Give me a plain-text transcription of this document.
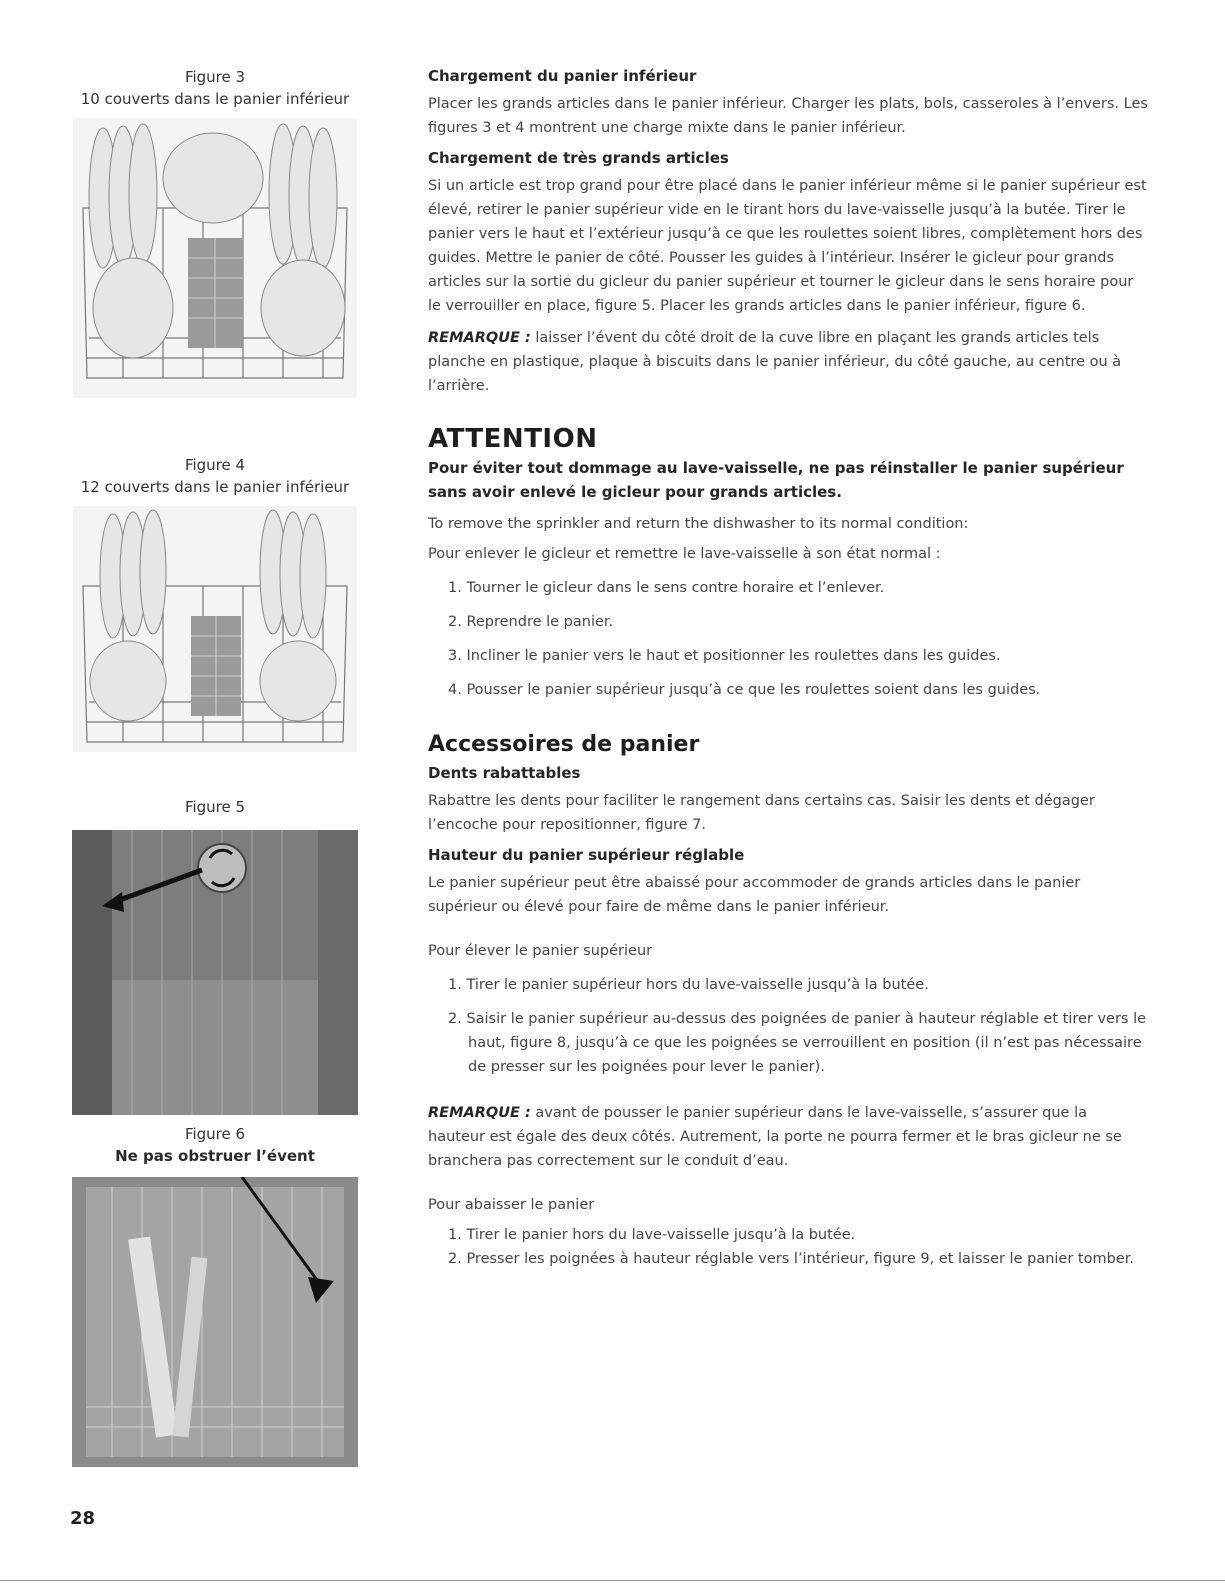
Figure 3
10 couverts dans le panier inférieur
Figure 4
12 couverts dans le panier inférieur
Figure 5
Figure 6
Ne pas obstruer l’évent
Chargement du panier inférieur

Placer les grands articles dans le panier inférieur. Charger les plats, bols, casseroles à l’envers. Les figures 3 et 4 montrent une charge mixte dans le panier inférieur.

Chargement de très grands articles

Si un article est trop grand pour être placé dans le panier inférieur même si le panier supérieur est élevé, retirer le panier supérieur vide en le tirant hors du lave-vaisselle jusqu’à la butée. Tirer le panier vers le haut et l’extérieur jusqu’à ce que les roulettes soient libres, complètement hors des guides. Mettre le panier de côté. Pousser les guides à l’intérieur. Insérer le gicleur pour grands articles sur la sortie du gicleur du panier supérieur et tourner le gicleur dans le sens horaire pour le verrouiller en place, figure 5. Placer les grands articles dans le panier inférieur, figure 6.

REMARQUE : laisser l’évent du côté droit de la cuve libre en plaçant les grands articles tels planche en plastique, plaque à biscuits dans le panier inférieur, du côté gauche, au centre ou à l’arrière.

ATTENTION

Pour éviter tout dommage au lave-vaisselle, ne pas réinstaller le panier supérieur sans avoir enlevé le gicleur pour grands articles.

To remove the sprinkler and return the dishwasher to its normal condition:

Pour enlever le gicleur et remettre le lave-vaisselle à son état normal :

1. Tourner le gicleur dans le sens contre horaire et l’enlever.
2. Reprendre le panier.
3. Incliner le panier vers le haut et positionner les roulettes dans les guides.
4. Pousser le panier supérieur jusqu’à ce que les roulettes soient dans les guides.
Accessoires de panier
Dents rabattables

Rabattre les dents pour faciliter le rangement dans certains cas. Saisir les dents et dégager l’encoche pour repositionner, figure 7.

Hauteur du panier supérieur réglable

Le panier supérieur peut être abaissé pour accommoder de grands articles dans le panier supérieur ou élevé pour faire de même dans le panier inférieur.

Pour élever le panier supérieur

1. Tirer le panier supérieur hors du lave-vaisselle jusqu’à la butée.
2. Saisir le panier supérieur au-dessus des poignées de panier à hauteur réglable et tirer vers le haut, figure 8, jusqu’à ce que les poignées se verrouillent en position (il n’est pas nécessaire de presser sur les poignées pour lever le panier).

REMARQUE : avant de pousser le panier supérieur dans le lave-vaisselle, s’assurer que la hauteur est égale des deux côtés. Autrement, la porte ne pourra fermer et le bras gicleur ne se branchera pas correctement sur le conduit d’eau.

Pour abaisser le panier

1. Tirer le panier hors du lave-vaisselle jusqu’à la butée.
2. Presser les poignées à hauteur réglable vers l’intérieur, figure 9, et laisser le panier tomber.
28
